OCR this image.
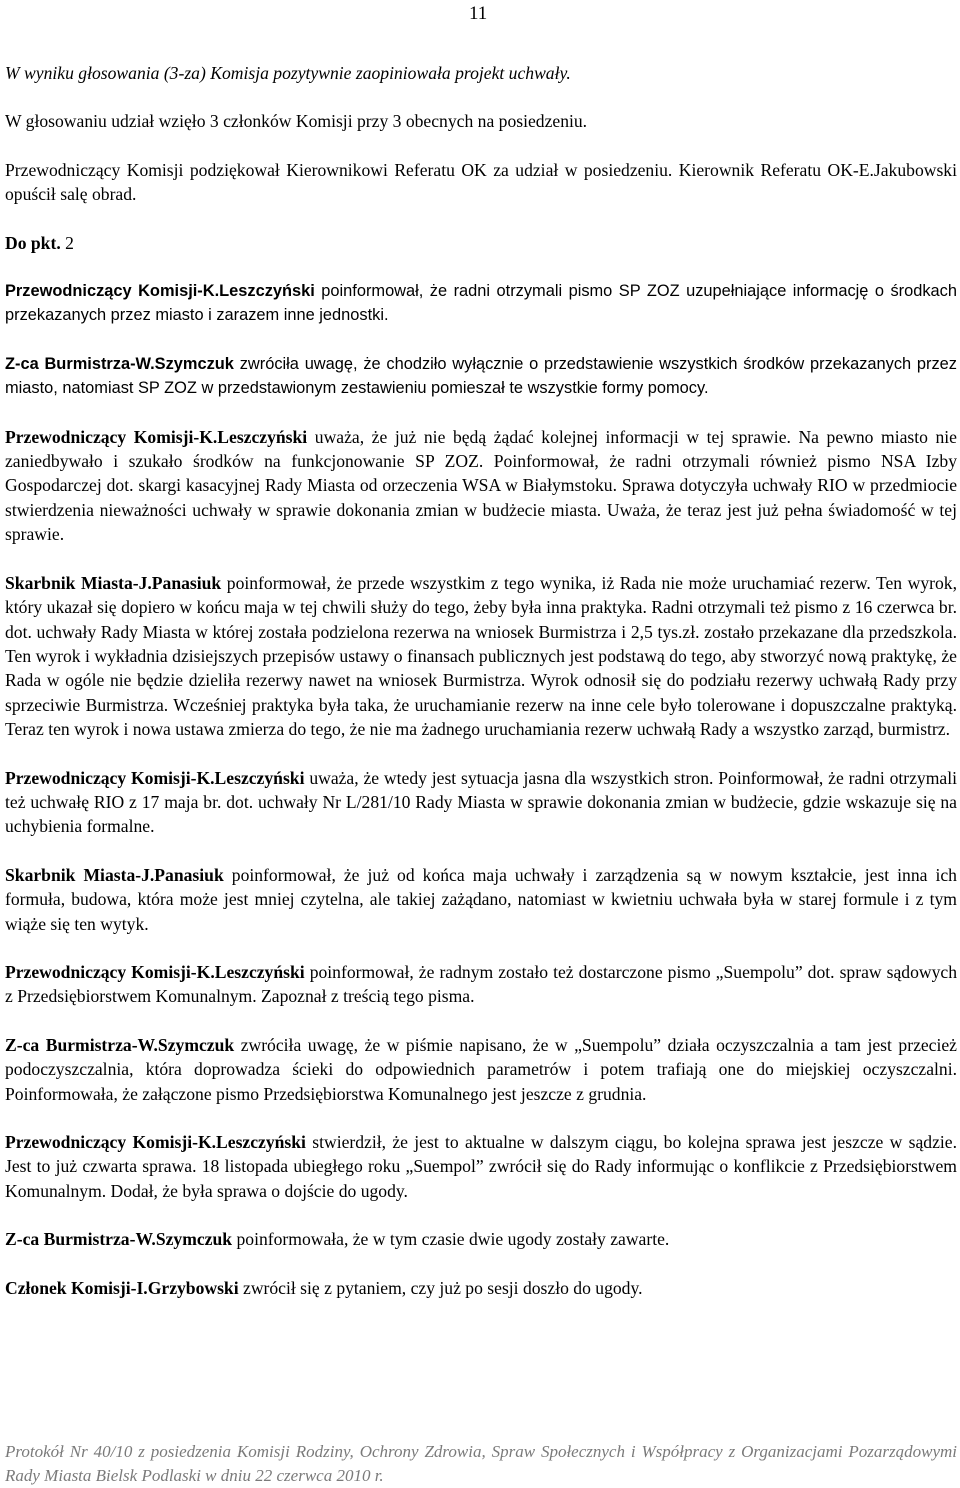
11

W wyniku głosowania (3-za) Komisja pozytywnie zaopiniowała projekt uchwały.

W głosowaniu udział wzięło 3 członków Komisji przy 3 obecnych na posiedzeniu.

Przewodniczący Komisji podziękował Kierownikowi Referatu OK za udział w posiedzeniu. Kierownik Referatu OK-E.Jakubowski opuścił salę obrad.

Do pkt. 2

Przewodniczący Komisji-K.Leszczyński poinformował, że radni otrzymali pismo SP ZOZ uzupełniające informację o środkach przekazanych przez miasto i zarazem inne jednostki.

Z-ca Burmistrza-W.Szymczuk zwróciła uwagę, że chodziło wyłącznie o przedstawienie wszystkich środków przekazanych przez miasto, natomiast SP ZOZ w przedstawionym zestawieniu pomieszał te wszystkie formy pomocy.

Przewodniczący Komisji-K.Leszczyński uważa, że już nie będą żądać kolejnej informacji w tej sprawie. Na pewno miasto nie zaniedbywało i szukało środków na funkcjonowanie SP ZOZ. Poinformował, że radni otrzymali również pismo NSA Izby Gospodarczej dot. skargi kasacyjnej Rady Miasta od orzeczenia WSA w Białymstoku. Sprawa dotyczyła uchwały RIO w przedmiocie stwierdzenia nieważności uchwały w sprawie dokonania zmian w budżecie miasta. Uważa, że teraz jest już pełna świadomość w tej sprawie.

Skarbnik Miasta-J.Panasiuk poinformował, że przede wszystkim z tego wynika, iż Rada nie może uruchamiać rezerw. Ten wyrok, który ukazał się dopiero w końcu maja w tej chwili służy do tego, żeby była inna praktyka. Radni otrzymali też pismo z 16 czerwca br. dot. uchwały Rady Miasta w której została podzielona rezerwa na wniosek Burmistrza i 2,5 tys.zł. zostało przekazane dla przedszkola. Ten wyrok i wykładnia dzisiejszych przepisów ustawy o finansach publicznych jest podstawą do tego, aby stworzyć nową praktykę, że Rada w ogóle nie będzie dzieliła rezerwy nawet na wniosek Burmistrza. Wyrok odnosił się do podziału rezerwy uchwałą Rady przy sprzeciwie Burmistrza. Wcześniej praktyka była taka, że uruchamianie rezerw na inne cele było tolerowane i dopuszczalne praktyką. Teraz ten wyrok i nowa ustawa zmierza do tego, że nie ma żadnego uruchamiania rezerw uchwałą Rady a wszystko zarząd, burmistrz.

Przewodniczący Komisji-K.Leszczyński uważa, że wtedy jest sytuacja jasna dla wszystkich stron. Poinformował, że radni otrzymali też uchwałę RIO z 17 maja br. dot. uchwały Nr L/281/10 Rady Miasta w sprawie dokonania zmian w budżecie, gdzie wskazuje się na uchybienia formalne.

Skarbnik Miasta-J.Panasiuk poinformował, że już od końca maja uchwały i zarządzenia są w nowym kształcie, jest inna ich formuła, budowa, która może jest mniej czytelna, ale takiej zażądano, natomiast w kwietniu uchwała była w starej formule i z tym wiąże się ten wytyk.

Przewodniczący Komisji-K.Leszczyński poinformował, że radnym zostało też dostarczone pismo „Suempolu” dot. spraw sądowych z Przedsiębiorstwem Komunalnym. Zapoznał z treścią tego pisma.

Z-ca Burmistrza-W.Szymczuk zwróciła uwagę, że w piśmie napisano, że w „Suempolu” działa oczyszczalnia a tam jest przecież podoczyszczalnia, która doprowadza ścieki do odpowiednich parametrów i potem trafiają one do miejskiej oczyszczalni. Poinformowała, że załączone pismo Przedsiębiorstwa Komunalnego jest jeszcze z grudnia.

Przewodniczący Komisji-K.Leszczyński stwierdził, że jest to aktualne w dalszym ciągu, bo kolejna sprawa jest jeszcze w sądzie. Jest to już czwarta sprawa. 18 listopada ubiegłego roku „Suempol” zwrócił się do Rady informując o konflikcie z Przedsiębiorstwem Komunalnym. Dodał, że była sprawa o dojście do ugody.

Z-ca Burmistrza-W.Szymczuk poinformowała, że w tym czasie dwie ugody zostały zawarte.

Członek Komisji-I.Grzybowski zwrócił się z pytaniem, czy już po sesji doszło do ugody.

Protokół Nr 40/10 z posiedzenia Komisji Rodziny, Ochrony Zdrowia, Spraw Społecznych i Współpracy z Organizacjami Pozarządowymi Rady Miasta Bielsk Podlaski w dniu 22 czerwca 2010 r.
